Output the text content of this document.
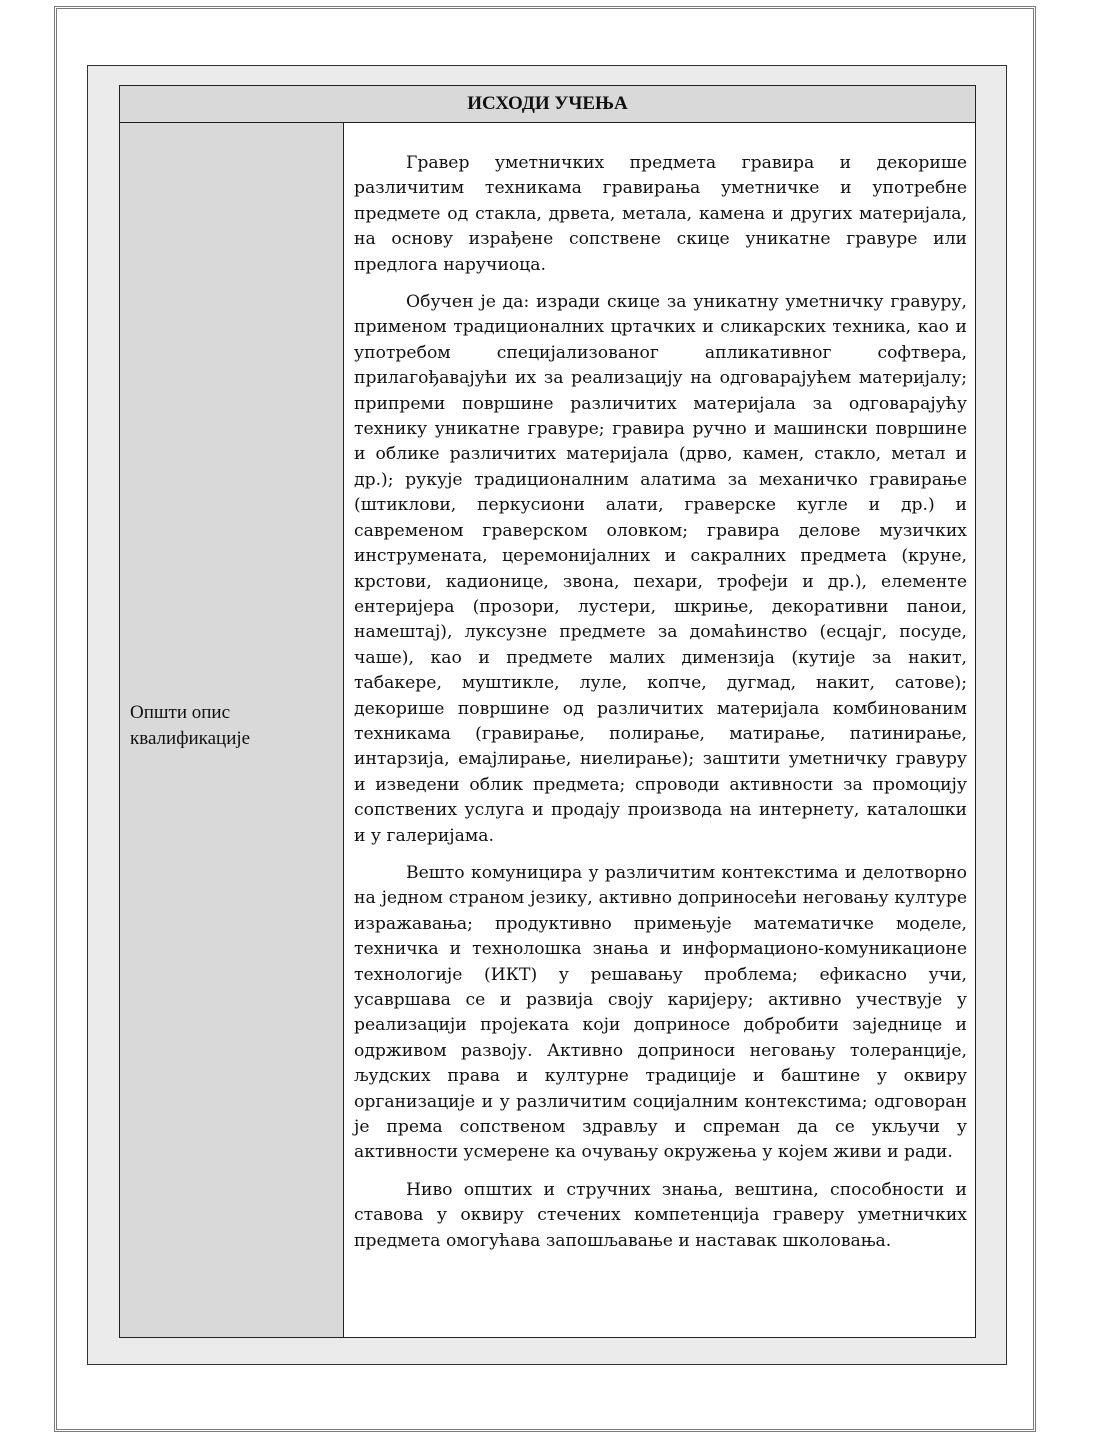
ИСХОДИ УЧЕЊА
Општи опис квалификације

Гравер уметничких предмета гравира и декорише различитим техникама гравирања уметничке и употребне предмете од стакла, дрвета, метала, камена и других материјала, на основу израђене сопствене скице уникатне гравуре или предлога наручиоца.

Обучен је да: изради скице за уникатну уметничку гравуру, применом традиционалних цртачких и сликарских техника, као и употребом специјализованог апликативног софтвера, прилагођавајући их за реализацију на одговарајућем материјалу; припреми површине различитих материјала за одговарајућу технику уникатне гравуре; гравира ручно и машински површине и облике различитих материјала (дрво, камен, стакло, метал и др.); рукује традиционалним алатима за механичко гравирање (штиклови, перкусиони алати, граверске кугле и др.) и савременом граверском оловком; гравира делове музичких инструмената, церемонијалних и сакралних предмета (круне, крстови, кадионице, звона, пехари, трофеји и др.), елементе ентеријера (прозори, лустери, шкриње, декоративни панои, намештај), луксузне предмете за домаћинство (есцајг, посуде, чаше), као и предмете малих димензија (кутије за накит, табакере, муштикле, луле, копче, дугмад, накит, сатове); декорише површине од различитих материјала комбинованим техникама (гравирање, полирање, матирање, патинирање, интарзија, емајлирање, ниелирање); заштити уметничку гравуру и изведени облик предмета; спроводи активности за промоцију сопствених услуга и продају производа на интернету, каталошки и у галеријама.

Вешто комуницира у различитим контекстима и делотворно на једном страном језику, активно доприносећи неговању културе изражавања; продуктивно примењује математичке моделе, техничка и технолошка знања и информационо-комуникационе технологије (ИКТ) у решавању проблема; ефикасно учи, усавршава се и развија своју каријеру; активно учествује у реализацији пројеката који доприносе добробити заједнице и одрживом развоју. Активно доприноси неговању толеранције, људских права и културне традиције и баштине у оквиру организације и у различитим социјалним контекстима; одговоран је према сопственом здрављу и спреман да се укључи у активности усмерене ка очувању окружења у којем живи и ради.

Ниво општих и стручних знања, вештина, способности и ставова у оквиру стечених компетенција граверу уметничких предмета омогућава запошљавање и наставак школовања.
